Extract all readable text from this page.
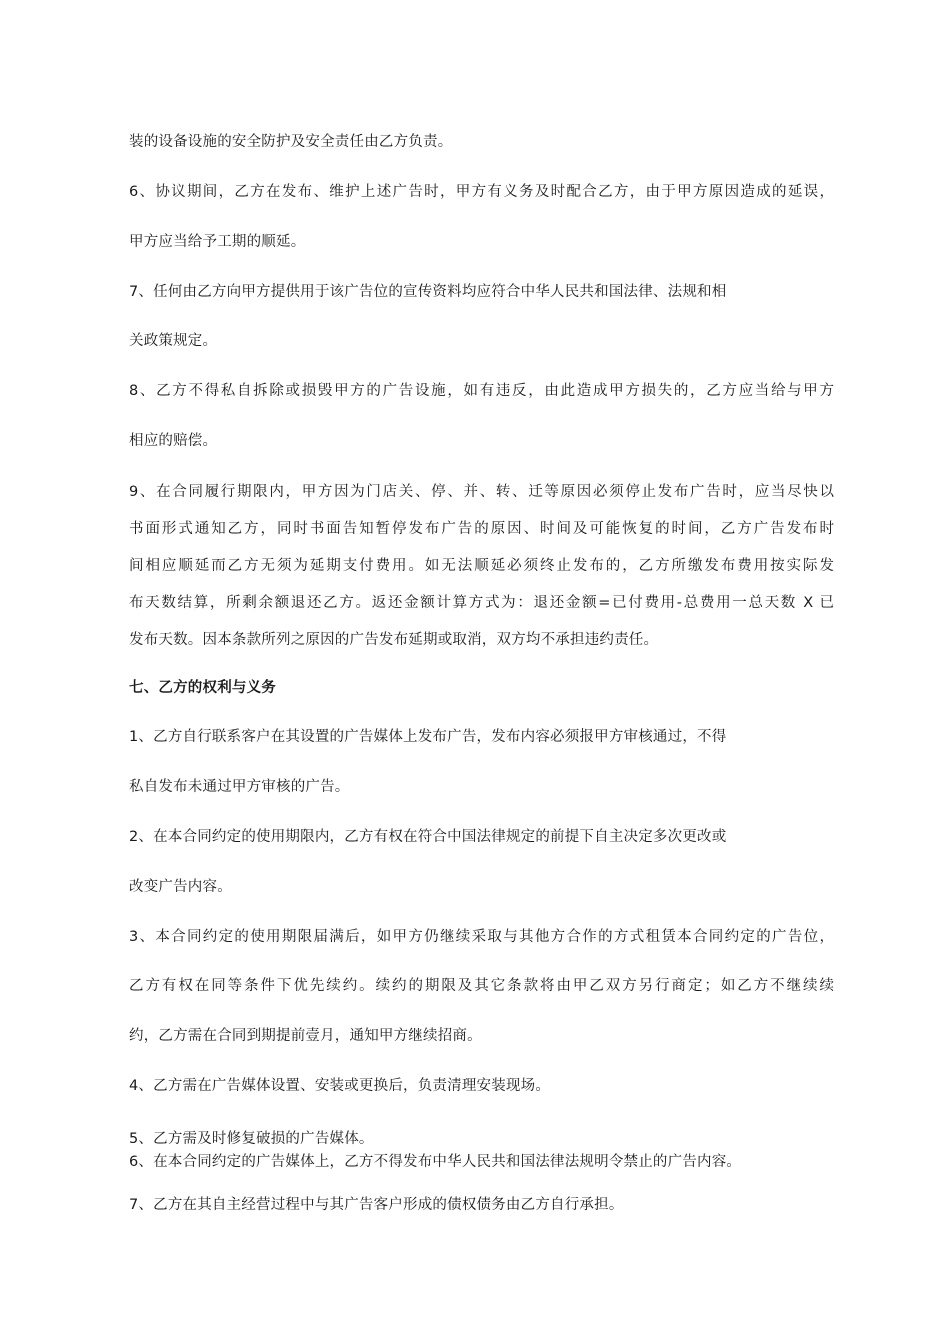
装的设备设施的安全防护及安全责任由乙方负责。
6、协议期间，乙方在发布、维护上述广告时，甲方有义务及时配合乙方，由于甲方原因造成的延误，
甲方应当给予工期的顺延。
7、任何由乙方向甲方提供用于该广告位的宣传资料均应符合中华人民共和国法律、法规和相
关政策规定。
8、乙方不得私自拆除或损毁甲方的广告设施，如有违反，由此造成甲方损失的，乙方应当给与甲方
相应的赔偿。
9、在合同履行期限内，甲方因为门店关、停、并、转、迁等原因必须停止发布广告时，应当尽快以
书面形式通知乙方，同时书面告知暂停发布广告的原因、时间及可能恢复的时间，乙方广告发布时
间相应顺延而乙方无须为延期支付费用。如无法顺延必须终止发布的，乙方所缴发布费用按实际发
布天数结算，所剩余额退还乙方。返还金额计算方式为：退还金额=已付费用-总费用一总天数 X 已
发布天数。因本条款所列之原因的广告发布延期或取消，双方均不承担违约责任。
七、乙方的权利与义务
1、乙方自行联系客户在其设置的广告媒体上发布广告，发布内容必须报甲方审核通过，不得
私自发布未通过甲方审核的广告。
2、在本合同约定的使用期限内，乙方有权在符合中国法律规定的前提下自主决定多次更改或
改变广告内容。
3、本合同约定的使用期限届满后，如甲方仍继续采取与其他方合作的方式租赁本合同约定的广告位，
乙方有权在同等条件下优先续约。续约的期限及其它条款将由甲乙双方另行商定；如乙方不继续续
约，乙方需在合同到期提前壹月，通知甲方继续招商。
4、乙方需在广告媒体设置、安装或更换后，负责清理安装现场。
5、乙方需及时修复破损的广告媒体。
6、在本合同约定的广告媒体上，乙方不得发布中华人民共和国法律法规明令禁止的广告内容。
7、乙方在其自主经营过程中与其广告客户形成的债权债务由乙方自行承担。
